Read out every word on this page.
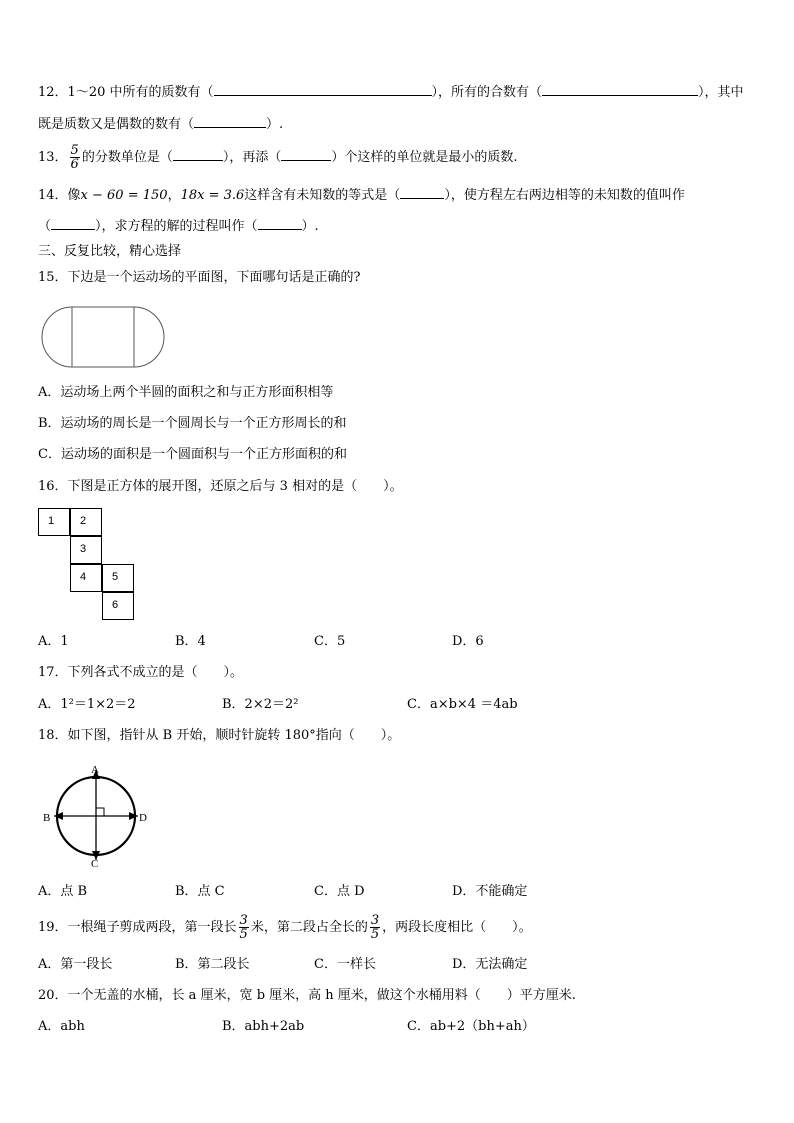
12．1～20 中所有的质数有（	），所有的合数有（	），其中
既是质数又是偶数的数有（	）.
13． $\frac{5}{6}$ 的分数单位是（	），再添（	）个这样的单位就是最小的质数.
14．像x − 60 = 150，18x = 3.6这样含有未知数的等式是（	），使方程左右两边相等的未知数的值叫作
（	），求方程的解的过程叫作（	）.
三、反复比较，精心选择
15．下边是一个运动场的平面图，下面哪句话是正确的?
A．运动场上两个半圆的面积之和与正方形面积相等
B．运动场的周长是一个圆周长与一个正方形周长的和
C．运动场的面积是一个圆面积与一个正方形面积的和
16．下图是正方体的展开图，还原之后与 3 相对的是（　　）。
1	2
3
4	5
6
A．1	B．4	C．5	D．6
17．下列各式不成立的是（　　）。
A．1²＝1×2＝2	B．2×2＝2²	C．a×b×4 ＝4ab
18．如下图，指针从 B 开始，顺时针旋转 180°指向（　　）。
A
B
C
D
A．点 B	B．点 C	C．点 D	D．不能确定
19．一根绳子剪成两段，第一段长 $\frac{3}{5}$ 米，第二段占全长的 $\frac{3}{5}$ ，两段长度相比（　　）。
A．第一段长	B．第二段长	C．一样长	D．无法确定
20．一个无盖的水桶，长 a 厘米，宽 b 厘米，高 h 厘米，做这个水桶用料（　　）平方厘米.
A．abh	B．abh+2ab	C．ab+2（bh+ah）
